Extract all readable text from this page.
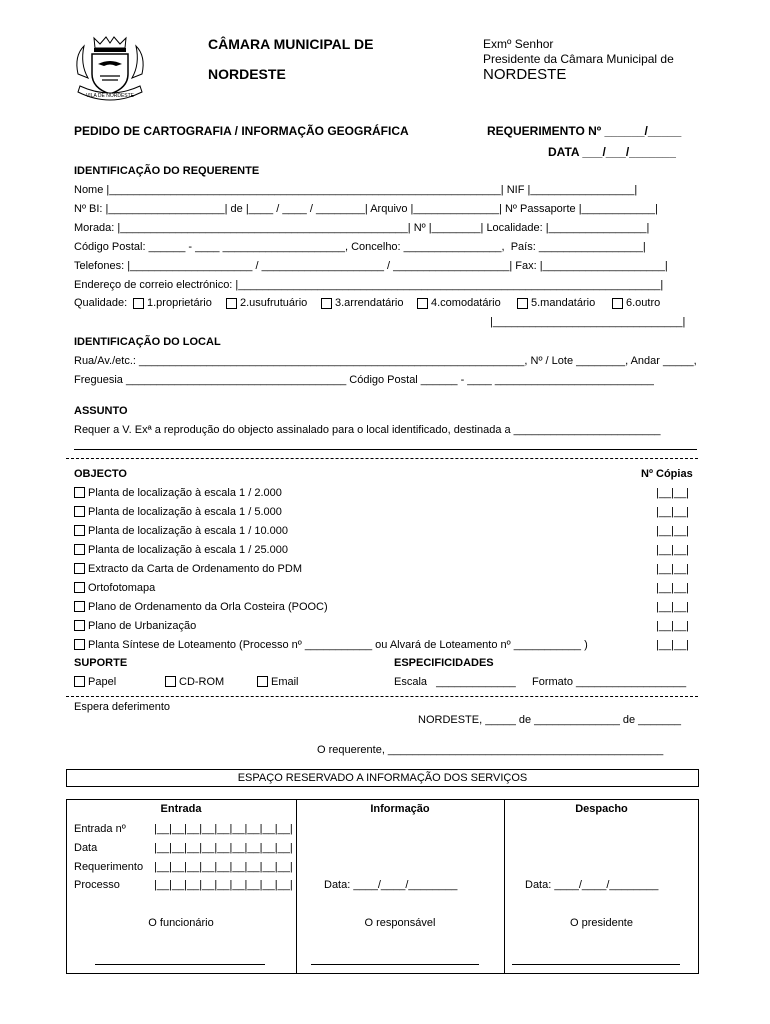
VILA DE NORDESTE
CÂMARA MUNICIPAL DE
NORDESTE
Exmº Senhor
Presidente da Câmara Municipal de
NORDESTE
PEDIDO DE CARTOGRAFIA / INFORMAÇÃO GEOGRÁFICA	REQUERIMENTO Nº ______/_____
DATA ___/___/_______
IDENTIFICAÇÃO DO REQUERENTE
Nome |________________________________________________________________| NIF |_________________|
Nº BI: |___________________| de |____ / ____ / ________| Arquivo |______________| Nº Passaporte |____________|
Morada: |_______________________________________________| Nº |________| Localidade: |________________|
Código Postal: ______ - ____ ____________________, Concelho: ________________,  País: _________________|
Telefones: |____________________ / ____________________ / ___________________| Fax: |____________________|
Endereço de correio electrónico: |_____________________________________________________________________|
Qualidade: 1.proprietário	2.usufrutuário	3.arrendatário	4.comodatário	5.mandatário	6.outro
|_______________________________|
IDENTIFICAÇÃO DO LOCAL
Rua/Av./etc.: _______________________________________________________________, Nº / Lote ________, Andar _____,
Freguesia ____________________________________ Código Postal ______ - ____ __________________________
ASSUNTO
Requer a V. Exª a reprodução do objecto assinalado para o local identificado, destinada a ________________________
OBJECTO	Nº Cópias
Planta de localização à escala 1 / 2.000	|__|__|
Planta de localização à escala 1 / 5.000	|__|__|
Planta de localização à escala 1 / 10.000	|__|__|
Planta de localização à escala 1 / 25.000	|__|__|
Extracto da Carta de Ordenamento do PDM	|__|__|
Ortofotomapa	|__|__|
Plano de Ordenamento da Orla Costeira (POOC)	|__|__|
Plano de Urbanização	|__|__|
Planta Síntese de Loteamento (Processo nº ___________ ou Alvará de Loteamento nº ___________ )	|__|__|
SUPORTE	ESPECIFICIDADES
Papel	CD-ROM	Email	Escala   _____________ Formato __________________
Espera deferimento
NORDESTE, _____ de ______________ de _______
O requerente, _____________________________________________
ESPAÇO RESERVADO A INFORMAÇÃO DOS SERVIÇOS
Entrada	Informação	Despacho
Entrada nº	|__|__|__|__|__|__|__|__|__|
Data	|__|__|__|__|__|__|__|__|__|
Requerimento |__|__|__|__|__|__|__|__|__|
Processo	|__|__|__|__|__|__|__|__|__|	Data: ____/____/________	Data: ____/____/________
O funcionário	O responsável	O presidente
